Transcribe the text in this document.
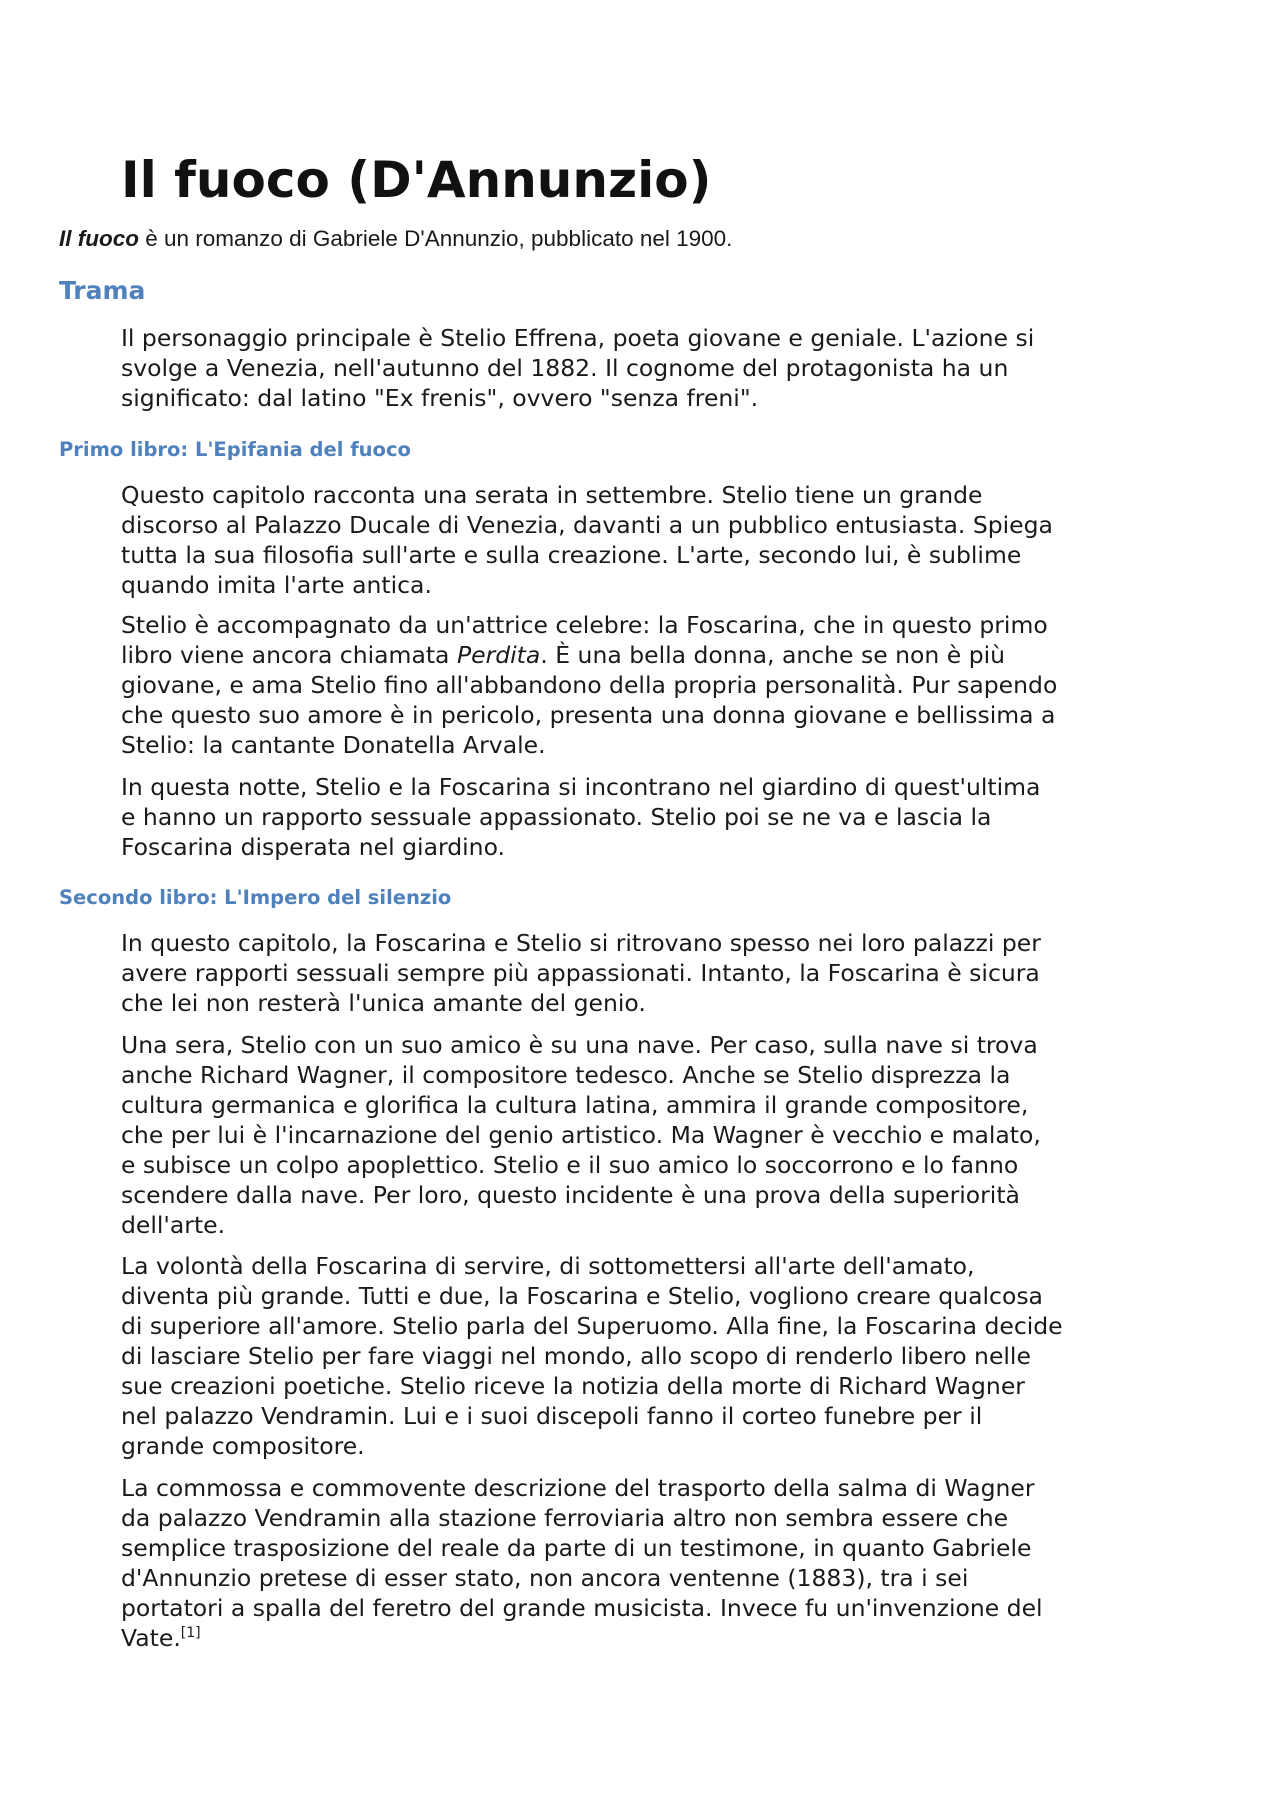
Il fuoco (D'Annunzio)

Il fuoco è un romanzo di Gabriele D'Annunzio, pubblicato nel 1900.

Trama
Il personaggio principale è Stelio Effrena, poeta giovane e geniale. L'azione si
svolge a Venezia, nell'autunno del 1882. Il cognome del protagonista ha un
significato: dal latino "Ex frenis", ovvero "senza freni".
Primo libro: L'Epifania del fuoco
Questo capitolo racconta una serata in settembre. Stelio tiene un grande
discorso al Palazzo Ducale di Venezia, davanti a un pubblico entusiasta. Spiega
tutta la sua filosofia sull'arte e sulla creazione. L'arte, secondo lui, è sublime
quando imita l'arte antica.
Stelio è accompagnato da un'attrice celebre: la Foscarina, che in questo primo
libro viene ancora chiamata Perdita. È una bella donna, anche se non è più
giovane, e ama Stelio fino all'abbandono della propria personalità. Pur sapendo
che questo suo amore è in pericolo, presenta una donna giovane e bellissima a
Stelio: la cantante Donatella Arvale.
In questa notte, Stelio e la Foscarina si incontrano nel giardino di quest'ultima
e hanno un rapporto sessuale appassionato. Stelio poi se ne va e lascia la
Foscarina disperata nel giardino.
Secondo libro: L'Impero del silenzio
In questo capitolo, la Foscarina e Stelio si ritrovano spesso nei loro palazzi per
avere rapporti sessuali sempre più appassionati. Intanto, la Foscarina è sicura
che lei non resterà l'unica amante del genio.
Una sera, Stelio con un suo amico è su una nave. Per caso, sulla nave si trova
anche Richard Wagner, il compositore tedesco. Anche se Stelio disprezza la
cultura germanica e glorifica la cultura latina, ammira il grande compositore,
che per lui è l'incarnazione del genio artistico. Ma Wagner è vecchio e malato,
e subisce un colpo apoplettico. Stelio e il suo amico lo soccorrono e lo fanno
scendere dalla nave. Per loro, questo incidente è una prova della superiorità
dell'arte.
La volontà della Foscarina di servire, di sottomettersi all'arte dell'amato,
diventa più grande. Tutti e due, la Foscarina e Stelio, vogliono creare qualcosa
di superiore all'amore. Stelio parla del Superuomo. Alla fine, la Foscarina decide
di lasciare Stelio per fare viaggi nel mondo, allo scopo di renderlo libero nelle
sue creazioni poetiche. Stelio riceve la notizia della morte di Richard Wagner
nel palazzo Vendramin. Lui e i suoi discepoli fanno il corteo funebre per il
grande compositore.
La commossa e commovente descrizione del trasporto della salma di Wagner
da palazzo Vendramin alla stazione ferroviaria altro non sembra essere che
semplice trasposizione del reale da parte di un testimone, in quanto Gabriele
d'Annunzio pretese di esser stato, non ancora ventenne (1883), tra i sei
portatori a spalla del feretro del grande musicista. Invece fu un'invenzione del
Vate.[1]
